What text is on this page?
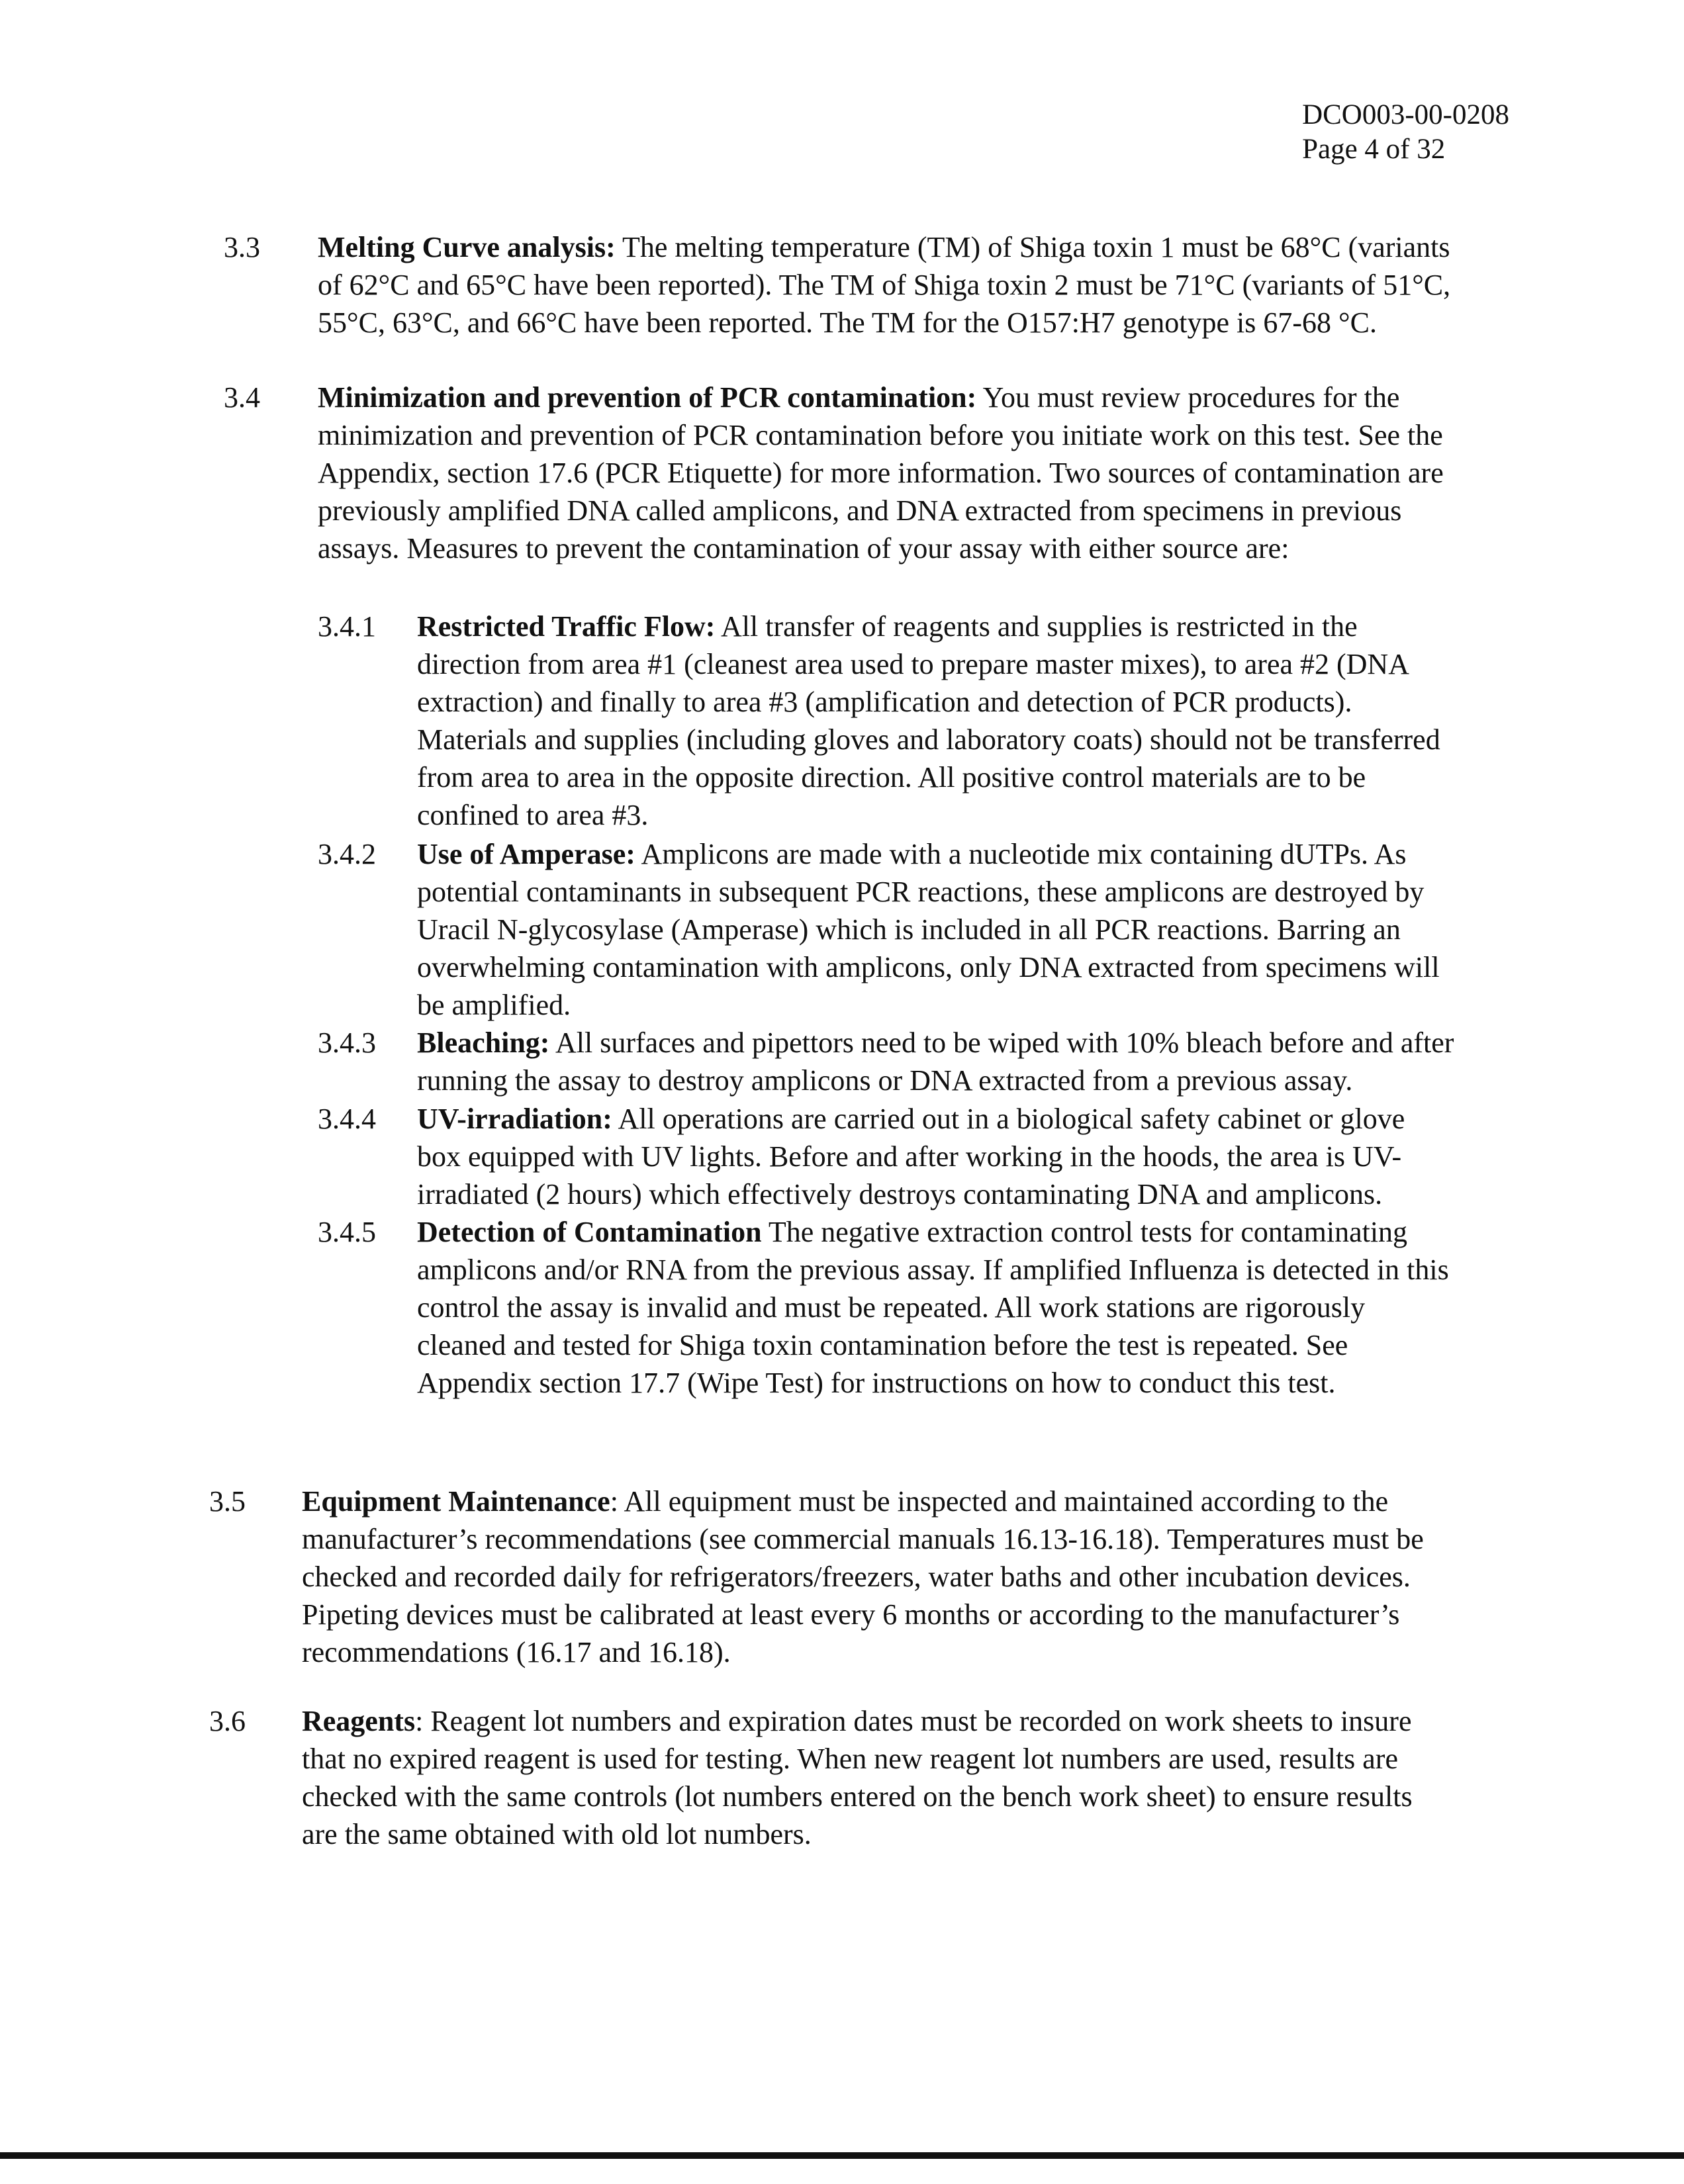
DCO003-00-0208
Page 4 of 32
3.3 Melting Curve analysis: The melting temperature (TM) of Shiga toxin 1 must be 68°C (variants
of 62°C and 65°C have been reported). The TM of Shiga toxin 2 must be 71°C (variants of 51°C,
55°C, 63°C, and 66°C have been reported. The TM for the O157:H7 genotype is 67-68 °C.
3.4 Minimization and prevention of PCR contamination: You must review procedures for the
minimization and prevention of PCR contamination before you initiate work on this test. See the
Appendix, section 17.6 (PCR Etiquette) for more information. Two sources of contamination are
previously amplified DNA called amplicons, and DNA extracted from specimens in previous
assays. Measures to prevent the contamination of your assay with either source are:
3.4.1 Restricted Traffic Flow: All transfer of reagents and supplies is restricted in the
direction from area #1 (cleanest area used to prepare master mixes), to area #2 (DNA
extraction) and finally to area #3 (amplification and detection of PCR products).
Materials and supplies (including gloves and laboratory coats) should not be transferred
from area to area in the opposite direction. All positive control materials are to be
confined to area #3.
3.4.2 Use of Amperase: Amplicons are made with a nucleotide mix containing dUTPs. As
potential contaminants in subsequent PCR reactions, these amplicons are destroyed by
Uracil N-glycosylase (Amperase) which is included in all PCR reactions. Barring an
overwhelming contamination with amplicons, only DNA extracted from specimens will
be amplified.
3.4.3 Bleaching: All surfaces and pipettors need to be wiped with 10% bleach before and after
running the assay to destroy amplicons or DNA extracted from a previous assay.
3.4.4 UV-irradiation: All operations are carried out in a biological safety cabinet or glove
box equipped with UV lights. Before and after working in the hoods, the area is UV-
irradiated (2 hours) which effectively destroys contaminating DNA and amplicons.
3.4.5 Detection of Contamination The negative extraction control tests for contaminating
amplicons and/or RNA from the previous assay. If amplified Influenza is detected in this
control the assay is invalid and must be repeated. All work stations are rigorously
cleaned and tested for Shiga toxin contamination before the test is repeated. See
Appendix section 17.7 (Wipe Test) for instructions on how to conduct this test.
3.5 Equipment Maintenance: All equipment must be inspected and maintained according to the
manufacturer’s recommendations (see commercial manuals 16.13-16.18). Temperatures must be
checked and recorded daily for refrigerators/freezers, water baths and other incubation devices.
Pipeting devices must be calibrated at least every 6 months or according to the manufacturer’s
recommendations (16.17 and 16.18).
3.6 Reagents: Reagent lot numbers and expiration dates must be recorded on work sheets to insure
that no expired reagent is used for testing. When new reagent lot numbers are used, results are
checked with the same controls (lot numbers entered on the bench work sheet) to ensure results
are the same obtained with old lot numbers.
